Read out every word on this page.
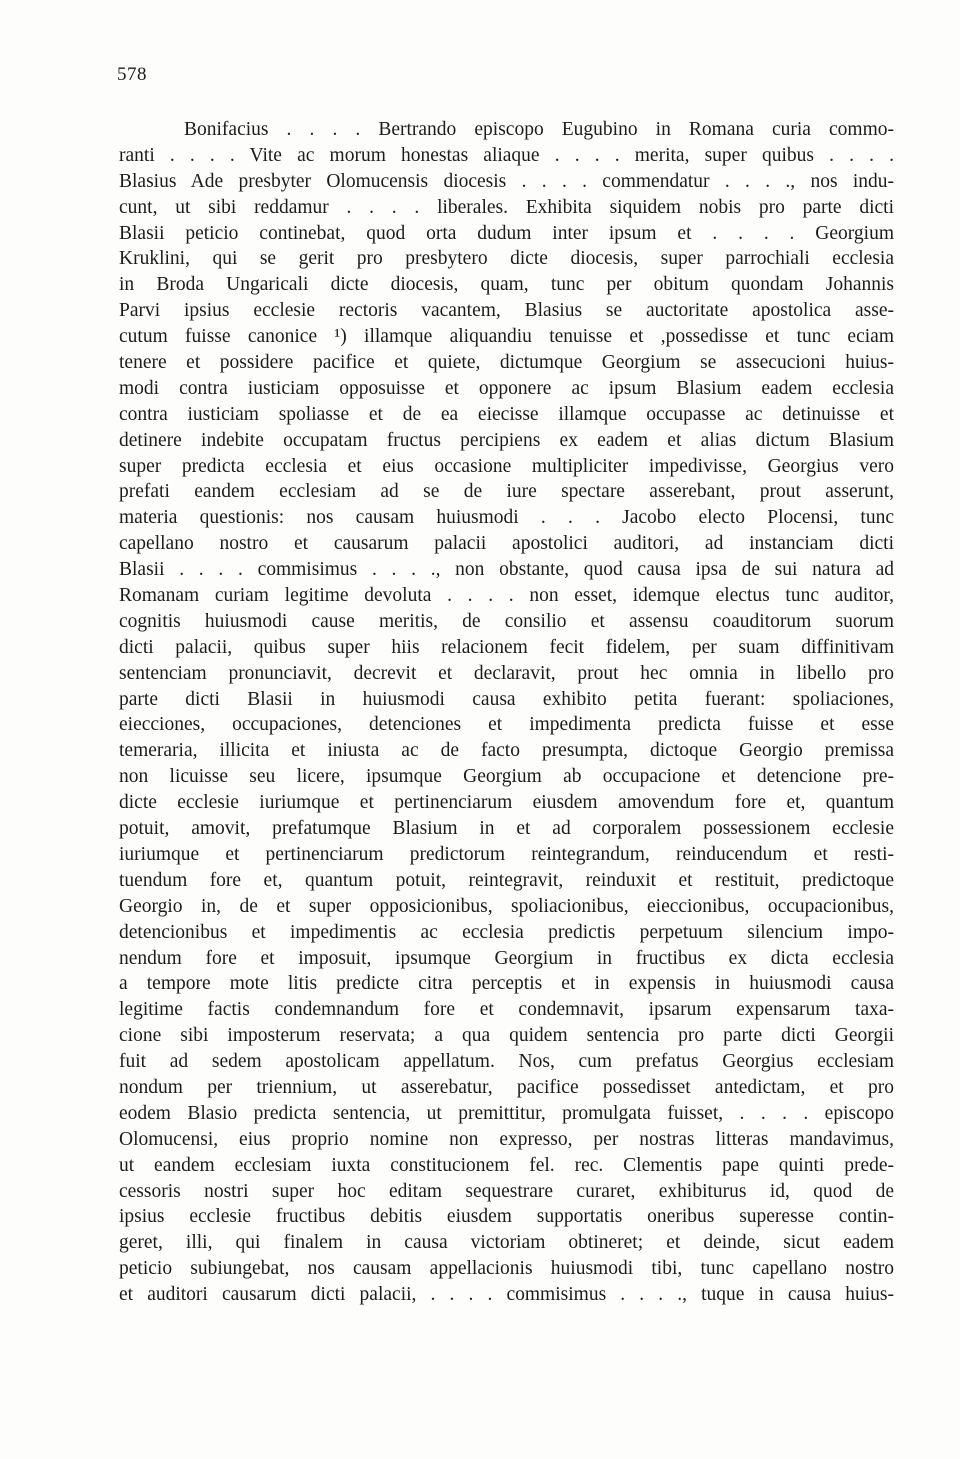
578
Bonifacius . . . . Bertrando episcopo Eugubino in Romana curia commo-
ranti . . . . Vite ac morum honestas aliaque . . . . merita, super quibus . . . .
Blasius Ade presbyter Olomucensis diocesis . . . . commendatur . . . ., nos indu-
cunt, ut sibi reddamur . . . . liberales. Exhibita siquidem nobis pro parte dicti
Blasii peticio continebat, quod orta dudum inter ipsum et . . . . Georgium
Kruklini, qui se gerit pro presbytero dicte diocesis, super parrochiali ecclesia
in Broda Ungaricali dicte diocesis, quam, tunc per obitum quondam Johannis
Parvi ipsius ecclesie rectoris vacantem, Blasius se auctoritate apostolica asse-
cutum fuisse canonice ¹) illamque aliquandiu tenuisse et ,possedisse et tunc eciam
tenere et possidere pacifice et quiete, dictumque Georgium se assecucioni huius-
modi contra iusticiam opposuisse et opponere ac ipsum Blasium eadem ecclesia
contra iusticiam spoliasse et de ea eiecisse illamque occupasse ac detinuisse et
detinere indebite occupatam fructus percipiens ex eadem et alias dictum Blasium
super predicta ecclesia et eius occasione multipliciter impedivisse, Georgius vero
prefati eandem ecclesiam ad se de iure spectare asserebant, prout asserunt,
materia questionis: nos causam huiusmodi . . . Jacobo electo Plocensi, tunc
capellano nostro et causarum palacii apostolici auditori, ad instanciam dicti
Blasii . . . . commisimus . . . ., non obstante, quod causa ipsa de sui natura ad
Romanam curiam legitime devoluta . . . . non esset, idemque electus tunc auditor,
cognitis huiusmodi cause meritis, de consilio et assensu coauditorum suorum
dicti palacii, quibus super hiis relacionem fecit fidelem, per suam diffinitivam
sentenciam pronunciavit, decrevit et declaravit, prout hec omnia in libello pro
parte dicti Blasii in huiusmodi causa exhibito petita fuerant: spoliaciones,
eiecciones, occupaciones, detenciones et impedimenta predicta fuisse et esse
temeraria, illicita et iniusta ac de facto presumpta, dictoque Georgio premissa
non licuisse seu licere, ipsumque Georgium ab occupacione et detencione pre-
dicte ecclesie iuriumque et pertinenciarum eiusdem amovendum fore et, quantum
potuit, amovit, prefatumque Blasium in et ad corporalem possessionem ecclesie
iuriumque et pertinenciarum predictorum reintegrandum, reinducendum et resti-
tuendum fore et, quantum potuit, reintegravit, reinduxit et restituit, predictoque
Georgio in, de et super opposicionibus, spoliacionibus, eieccionibus, occupacionibus,
detencionibus et impedimentis ac ecclesia predictis perpetuum silencium impo-
nendum fore et imposuit, ipsumque Georgium in fructibus ex dicta ecclesia
a tempore mote litis predicte citra perceptis et in expensis in huiusmodi causa
legitime factis condemnandum fore et condemnavit, ipsarum expensarum taxa-
cione sibi imposterum reservata; a qua quidem sentencia pro parte dicti Georgii
fuit ad sedem apostolicam appellatum. Nos, cum prefatus Georgius ecclesiam
nondum per triennium, ut asserebatur, pacifice possedisset antedictam, et pro
eodem Blasio predicta sentencia, ut premittitur, promulgata fuisset, . . . . episcopo
Olomucensi, eius proprio nomine non expresso, per nostras litteras mandavimus,
ut eandem ecclesiam iuxta constitucionem fel. rec. Clementis pape quinti prede-
cessoris nostri super hoc editam sequestrare curaret, exhibiturus id, quod de
ipsius ecclesie fructibus debitis eiusdem supportatis oneribus superesse contin-
geret, illi, qui finalem in causa victoriam obtineret; et deinde, sicut eadem
peticio subiungebat, nos causam appellacionis huiusmodi tibi, tunc capellano nostro
et auditori causarum dicti palacii, . . . . commisimus . . . ., tuque in causa huius-
